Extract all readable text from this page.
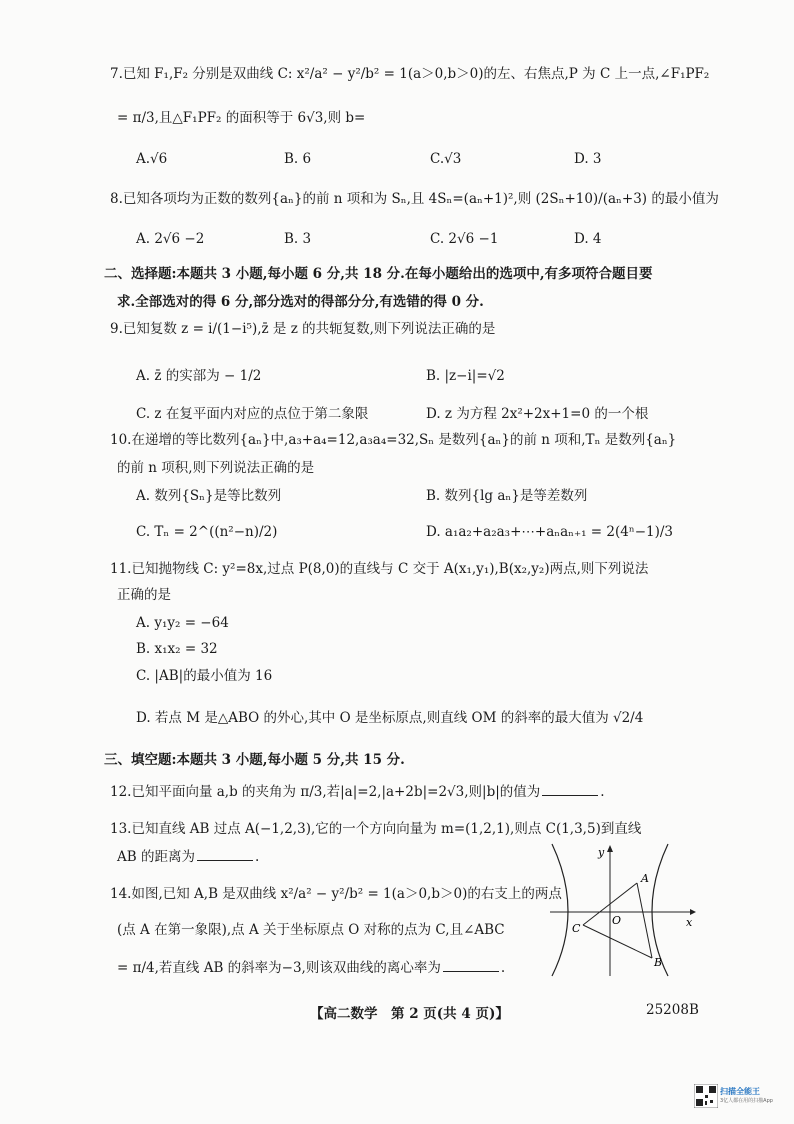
7.已知 F₁,F₂ 分别是双曲线 C: x²/a² − y²/b² = 1(a＞0,b＞0)的左、右焦点,P 为 C 上一点,∠F₁PF₂
= π/3,且△F₁PF₂ 的面积等于 6√3,则 b=
A.√6	B. 6	C.√3	D. 3
8.已知各项均为正数的数列{aₙ}的前 n 项和为 Sₙ,且 4Sₙ=(aₙ+1)²,则 (2Sₙ+10)/(aₙ+3) 的最小值为
A. 2√6 −2	B. 3	C. 2√6 −1	D. 4
二、选择题:本题共 3 小题,每小题 6 分,共 18 分.在每小题给出的选项中,有多项符合题目要
求.全部选对的得 6 分,部分选对的得部分分,有选错的得 0 分.
9.已知复数 z = i/(1−i⁵),z̄ 是 z 的共轭复数,则下列说法正确的是
A. z̄ 的实部为 − 1/2	B. |z−i|=√2
C. z 在复平面内对应的点位于第二象限	D. z 为方程 2x²+2x+1=0 的一个根
10.在递增的等比数列{aₙ}中,a₃+a₄=12,a₃a₄=32,Sₙ 是数列{aₙ}的前 n 项和,Tₙ 是数列{aₙ}
的前 n 项积,则下列说法正确的是
A. 数列{Sₙ}是等比数列	B. 数列{lg aₙ}是等差数列
C. Tₙ = 2^((n²−n)/2)	D. a₁a₂+a₂a₃+⋯+aₙaₙ₊₁ = 2(4ⁿ−1)/3
11.已知抛物线 C: y²=8x,过点 P(8,0)的直线与 C 交于 A(x₁,y₁),B(x₂,y₂)两点,则下列说法
正确的是
A. y₁y₂ = −64
B. x₁x₂ = 32
C. |AB|的最小值为 16
D. 若点 M 是△ABO 的外心,其中 O 是坐标原点,则直线 OM 的斜率的最大值为 √2/4
三、填空题:本题共 3 小题,每小题 5 分,共 15 分.
12.已知平面向量 a,b 的夹角为 π/3,若|a|=2,|a+2b|=2√3,则|b|的值为	.
13.已知直线 AB 过点 A(−1,2,3),它的一个方向向量为 m=(1,2,1),则点 C(1,3,5)到直线
AB 的距离为	.
14.如图,已知 A,B 是双曲线 x²/a² − y²/b² = 1(a＞0,b＞0)的右支上的两点
(点 A 在第一象限),点 A 关于坐标原点 O 对称的点为 C,且∠ABC
= π/4,若直线 AB 的斜率为−3,则该双曲线的离心率为	.
y
x
A
B
C
O
【高二数学　第 2 页(共 4 页)】	25208B
扫描全能王
3亿人都在用的扫描App
